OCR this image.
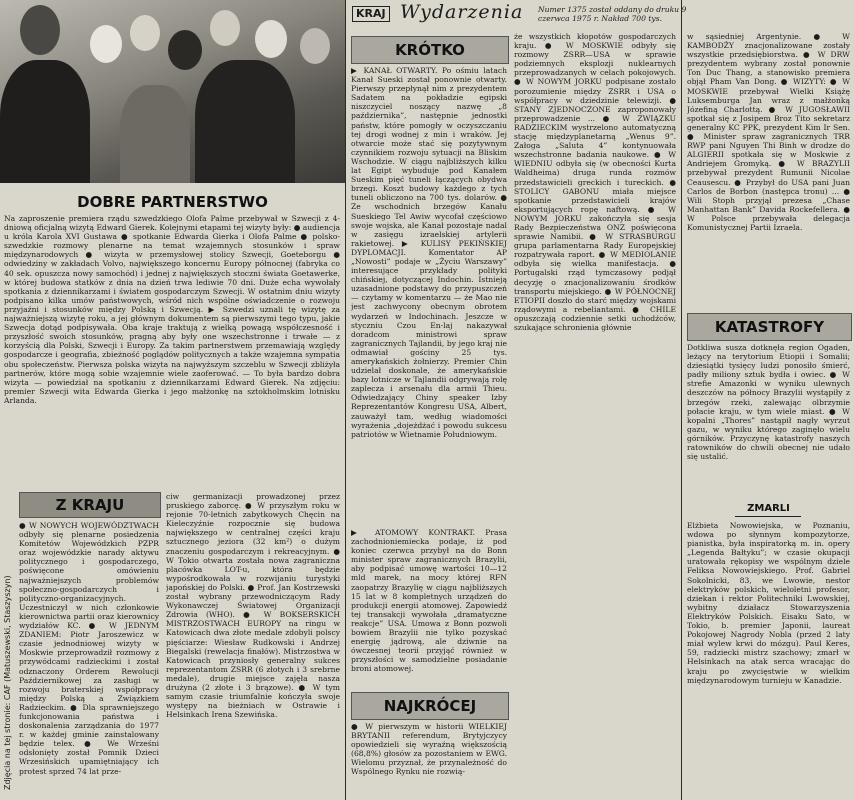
KRAJ Wydarzenia Numer 1375 został oddany do druku 9 czerwca 1975 r. Nakład 700 tys.
DOBRE PARTNERSTWO
Na zaproszenie premiera rządu szwedzkiego Olofa Palme przebywał w Szwecji z 4-dniową oficjalną wizytą Edward Gierek. Kolejnymi etapami tej wizyty były: ● audiencja u króla Karola XVI Gustawa ● spotkanie Edwarda Gierka i Olofa Palme ● polsko-szwedzkie rozmowy plenarne na temat wzajemnych stosunków i spraw międzynarodowych ● wizyta w przemysłowej stolicy Szwecji, Goeteborgu ● odwiedziny w zakładach Volvo, największego koncernu Europy północnej (fabryka co 40 sek. opuszcza nowy samochód) i jednej z największych stoczni świata Goetawerke, w której budowa statków z dnia na dzień trwa lediwie 70 dni. Duże echa wywołały spotkania z dziennikarzami i światem gospodarczym Szwecji. W ostatnim dniu wizyty podpisano kilka umów państwowych, wśród nich wspólne oświadczenie o rozwoju przyjaźni i stosunków między Polską i Szwecją. ▶ Szwedzi uznali tę wizytę za najważniejszą wizytę roku, a jej głównym dokumentem są pierwszymi tego typu, jakie Szwecja dotąd podpisywała. Oba kraje traktują z wielką powagą współczesność i przyszłość swoich stosunków, pragną aby były one wszechstronne i trwałe — z korzyścią dla Polski, Szwecji i Europy. Za takim partnerstwem przemawiają względy gospodarcze i geografia, zbieżność poglądów politycznych a także wzajemna sympatia obu społeczeństw. Pierwsza polska wizyta na najwyższym szczeblu w Szwecji zbliżyła partnerów, które mogą sobie wzajemnie wiele zaoferować. — To była bardzo dobra wizyta — powiedział na spotkaniu z dziennikarzami Edward Gierek. Na zdjęciu: premier Szwecji wita Edwarda Gierka i jego małżonkę na sztokholmskim lotnisku Arlanda.
Zdjęcia na tej stronie: CAF (Matuszewski, Staszyszyn)
Z KRAJU
● W NOWYCH WOJEWÓDZTWACH odbyły się plenarne posiedzenia Komitetów Wojewódzkich PZPR oraz wojewódzkie narady aktywu politycznego i gospodarczego, poświęcone omówieniu najważniejszych problemów społeczno-gospodarczych i polityczno-organizacyjnych. Uczestniczył w nich członkowie kierownictwa partii oraz kierownicy wydziałów KC. ● W JEDNYM ZDANIEM: Piotr Jaroszewicz w czasie jednodniowej wizyty w Moskwie przeprowadził rozmowy z przywódcami radzieckimi i został odznaczony Orderem Rewolucji Październikowej za zasługi w rozwoju braterskiej współpracy między Polską a Związkiem Radzieckim. ● Dla sprawniejszego funkcjonowania państwa i doskonalenia zarządzania do 1977 r. w każdej gminie zainstalowany będzie telex. ● We Wrześni odsłonięty został Pomnik Dzieci Wrzesińskich upamiętniający ich protest sprzed 74 lat prze-
ciw germanizacji prowadzonej przez pruskiego zaborcę. ● W przyszłym roku w rejonie 70-letnich zabytkowych Chęcin na Kieleczyźnie rozpocznie się budowa największego w centralnej części kraju sztucznego jeziora (32 km²) o dużym znaczeniu gospodarczym i rekreacyjnym. ● W Tokio otwarta została nowa zagraniczna placówka LOT-u, która będzie wypośrodkowała w rozwijaniu turystyki japońskiej do Polski. ● Prof. Jan Kostrzewski został wybrany przewodniczącym Rady Wykonawczej Światowej Organizacji Zdrowia (WHO). ● W BOKSERSKICH MISTRZOSTWACH EUROPY na ringu w Katowicach dwa złote medale zdobyli polscy pięściarze: Wiesław Rudkowski i Andrzej Biegalski (rewelacja finałów). Mistrzostwa w Katowicach przyniosły generalny sukces reprezentantom ZSRR (6 złotych i 3 srebrne medale), drugie miejsce zajęła nasza drużyna (2 złote i 3 brązowe). ● W tym samym czasie triumfalnie kończyła swoje występy na bieżniach w Ostrawie i Helsinkach Irena Szewińska.
KRÓTKO
▶ KANAŁ OTWARTY. Po ośmiu latach Kanał Sueski został ponownie otwarty. Pierwszy przepłynął nim z prezydentem Sadatem na pokładzie egipski niszczyciel noszący nazwę „8 października”, następnie jednostki państw, które pomogły w oczyszczaniu tej drogi wodnej z min i wraków. Jej otwarcie może stać się pozytywnym czynnikiem rozwoju sytuacji na Bliskim Wschodzie. W ciągu najbliższych kilku lat Egipt wybuduje pod Kanałem Sueskim pięć tuneli łączących obydwa brzegi. Koszt budowy każdego z tych tuneli obliczono na 700 tys. dolarów. ● Ze wschodnich brzegów Kanału Sueskiego Tel Awiw wycofał częściowo swoje wojska, ale Kanał pozostaje nadal w zasięgu izraelskiej artylerii rakietowej. ▶ KULISY PEKIŃSKIEJ DYPLOMACJI. Komentator AP „Nowosti” podaje w „Życiu Warszawy” interesujące przykłady polityki chińskiej, dotyczącej Indochin. Istnieją uzasadnione podstawy do przypuszczeń — czytamy w komentarzu — że Mao nie jest zachwycony obecnym obrotem wydarzeń w Indochinach. Jeszcze w styczniu Czou En-laj nakazywał doradcom ministrowi spraw zagranicznych Tajlandii, by jego kraj nie odmawiał gościny 25 tys. amerykańskich żołnierzy. Premier Chin udzielał doskonale, że amerykańskie bazy lotnicze w Tajlandii odgrywają rolę zaplecza i arsenału dla armii Thieu. Odwiedzający Chiny speaker Izby Reprezentantów Kongresu USA, Albert, zauważył tam, według wiadomości wyrażenia „dojeżdżać i powodu sukcesu patriotów w Wietnamie Południowym.
że wszystkich kłopotów gospodarczych kraju. ● W MOSKWIE odbyły się rozmowy ZSRR—USA w sprawie podziemnych eksplozji nuklearnych przeprowadzanych w celach pokojowych. ● W NOWYM JORKU podpisane zostało porozumienie między ZSRR i USA o współpracy w dziedzinie telewizji. ● STANY ZJEDNOCZONE zaproponowały przeprowadzenie ... ● W ZWIĄZKU RADZIECKIM wystrzelono automatyczną stację międzyplanetarną „Wenus 9”. Załoga „Saluta 4” kontynuowała wszechstronne badania naukowe. ● W WIEDNIU odbyła się (w obecności Kurta Waldheima) druga runda rozmów przedstawicieli greckich i tureckich. ● STOLICY GABONU miała miejsce spotkanie przedstawicieli krajów eksportujących ropę naftową. ● W NOWYM JORKU zakończyła się sesja Rady Bezpieczeństwa ONZ poświęcona sprawie Namibii. ● W STRASBURGU grupa parlamentarna Rady Europejskiej rozpatrywała raport. ● W MEDIOLANIE odbyła się wielka manifestacja. ● Portugalski rząd tymczasowy podjął decyzję o znacjonalizowaniu środków transportu miejskiego. ● W PÓŁNOCNEJ ETIOPII doszło do starć między wojskami rządowymi a rebeliantami. ● CHILE opuszczają codziennie setki uchodźców, szukające schronienia głównie
▶ ATOMOWY KONTRAKT. Prasa zachodnioniemiecka podaje, iż pod koniec czerwca przybył na do Bonn minister spraw zagranicznych Brazylii, aby podpisać umowę wartości 10—12 mld marek, na mocy której RFN zaopatrzy Brazylię w ciągu najbliższych 15 lat w 8 kompletnych urządzeń do produkcji energii atomowej. Zapowiedź tej transakcji wywołała „dramatyczne reakcje” USA. Umowa z Bonn pozwoli bowiem Brazylii nie tylko pozyskać energię jądrową, ale dziwnie na ówczesnej teorii przyjąć również w przyszłości w samodzielne posiadanie broni atomowej.
NAJKRÓCEJ
● W pierwszym w historii WIELKIEJ BRYTANII referendum, Brytyjczycy opowiedzieli się wyraźną większością (68,8%) głosów za pozostaniem w EWG. Wielomu przyznał, że przynależność do Wspólnego Rynku nie rozwią-
w sąsiedniej Argentynie. ● W KAMBODŻY znacjonalizowane zostały wszystkie przedsiębiorstwa. ● W DRW prezydentem wybrany został ponownie Ton Duc Thang, a stanowisko premiera objął Pham Van Dong. ● WIZYTY: ● W MOSKWIE przebywał Wielki Książę Luksemburga Jan wraz z małżonką Józefiną Charlottą. ● W JUGOSŁAWII spotkał się z Josipem Broz Tito sekretarz generalny KC PPK, prezydent Kim Ir Sen. ● Minister spraw zagranicznych TRR RWP pani Nguyen Thi Binh w drodze do ALGIERII spotkała się w Moskwie z Andriejem Gromyką. ● W BRAZYLII przebywał prezydent Rumunii Nicolae Ceausescu. ● Przybył do USA pani Juan Carlos de Borbon (następca tronu) ... ● Wili Stoph przyjął prezesa „Chase Manhattan Bank” Davida Rockefellera. ● W Polsce przebywała delegacja Komunistycznej Partii Izraela.
KATASTROFY
Dotkliwa susza dotknęła region Ogaden, leżący na terytorium Etiopii i Somalii; dziesiątki tysięcy ludzi ponosiło śmierć, padły miliony sztuk bydła i owiec. ● W strefie Amazonki w wyniku ulewnych deszczów na północy Brazylii wystąpiły z brzegów rzeki, zalewając olbrzymie połacie kraju, w tym wiele miast. ● W kopalni „Thores” nastąpił nagły wyrzut gazu, w wyniku którego zaginęło wielu górników. Przyczynę katastrofy naszych ratowników do chwili obecnej nie udało się ustalić.
ZMARLI
Elżbieta Nowowiejska, w Poznaniu, wdowa po słynnym kompozytorze, pianistka, była inspiratorką m. in. opery „Legenda Bałtyku”; w czasie okupacji uratowała rękopisy we wspólnym dziele Feliksa Nowowiejskiego. Prof. Gabriel Sokolnicki, 83, we Lwowie, nestor elektryków polskich, wieloletni profesor, dziekan i rektor Politechniki Lwowskiej, wybitny działacz Stowarzyszenia Elektryków Polskich. Eisaku Sato, w Tokio, b. premier Japonii, laureat Pokojowej Nagrody Nobla (przed 2 laty miał wylew krwi do mózgu). Paul Keres, 59, radziecki mistrz szachowy; zmarł w Helsinkach na atak serca wracając do kraju po zwycięstwie w wielkim międzynarodowym turnieju w Kanadzie.
